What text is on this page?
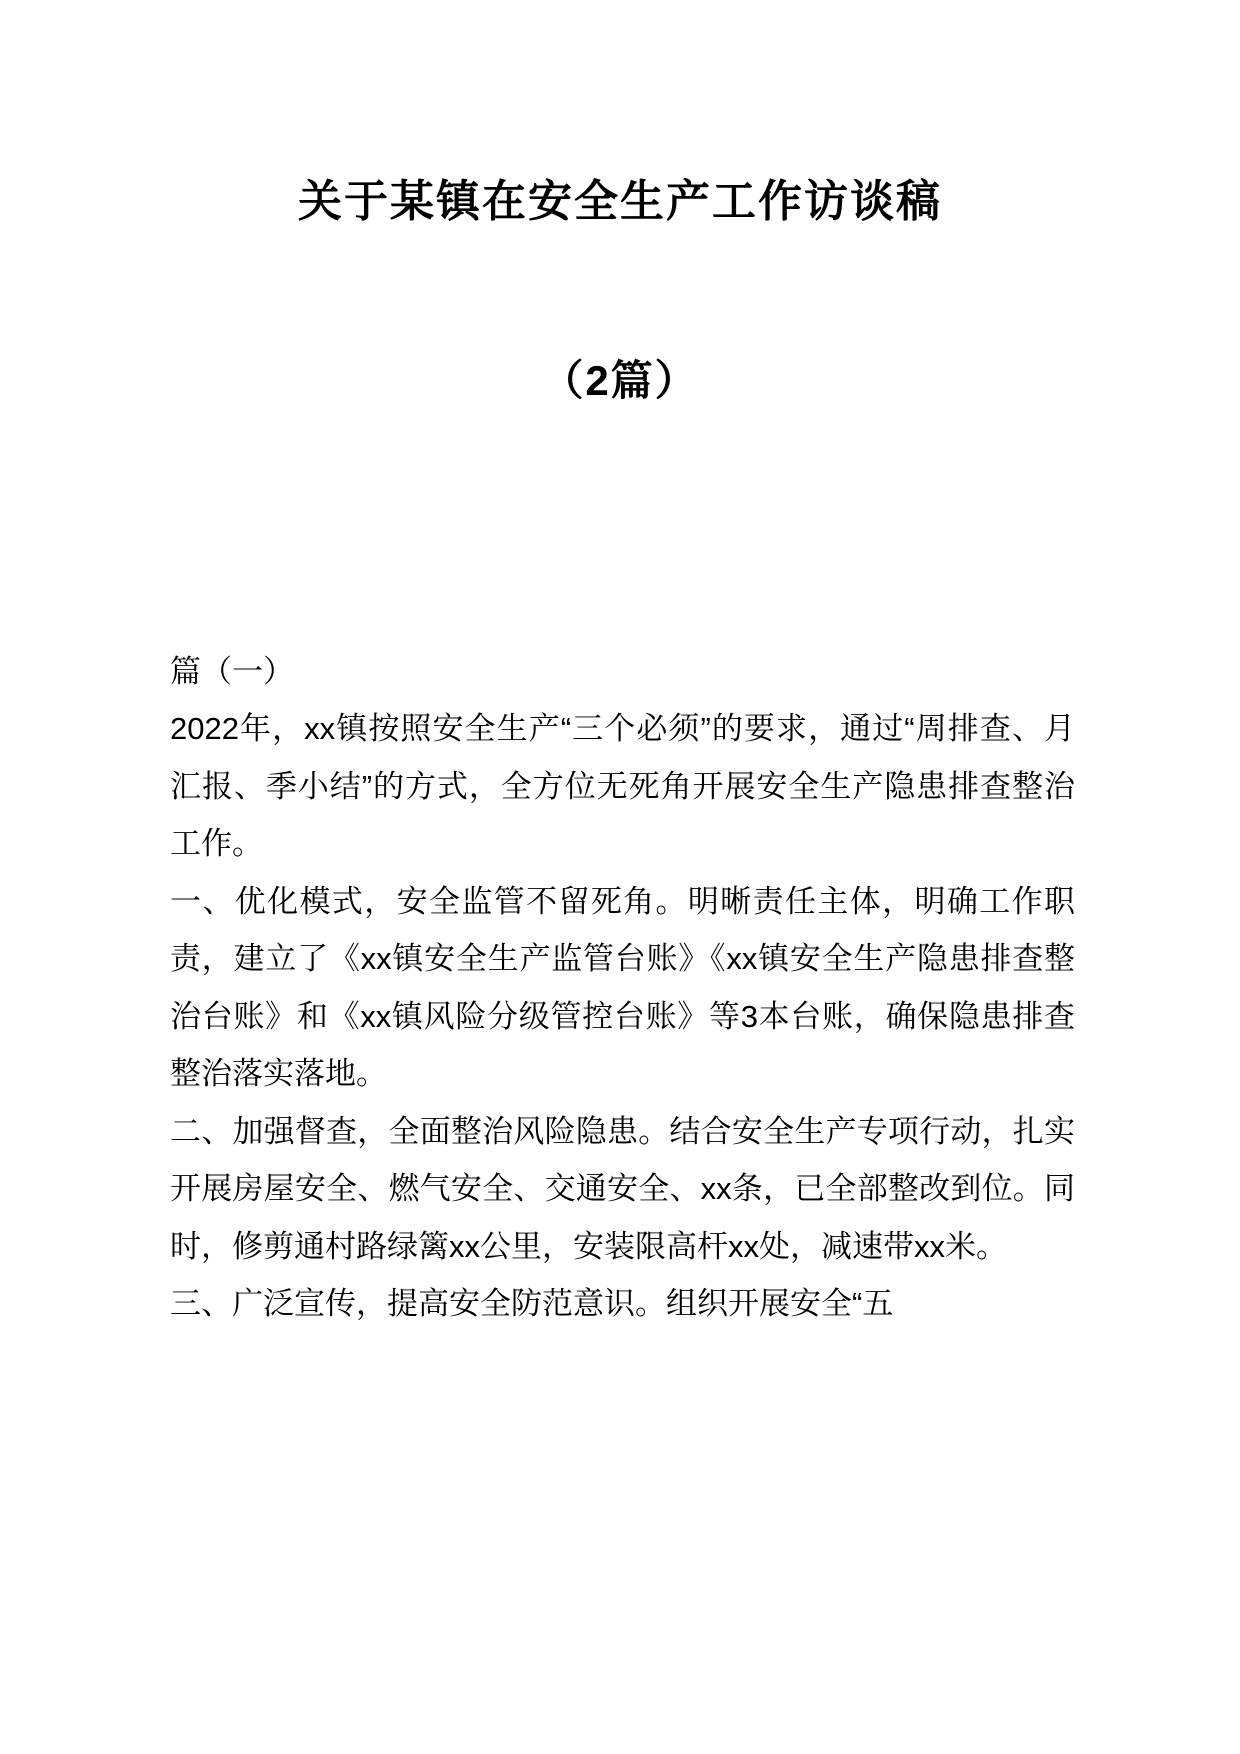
关于某镇在安全生产工作访谈稿
（2篇）

篇（一）

2022年，xx镇按照安全生产“三个必须”的要求，通过“周排查、月汇报、季小结”的方式，全方位无死角开展安全生产隐患排查整治工作。

一、优化模式，安全监管不留死角。明晰责任主体，明确工作职责，建立了《xx镇安全生产监管台账》《xx镇安全生产隐患排查整治台账》和《xx镇风险分级管控台账》等3本台账，确保隐患排查整治落实落地。

二、加强督查，全面整治风险隐患。结合安全生产专项行动，扎实开展房屋安全、燃气安全、交通安全、xx条，已全部整改到位。同时，修剪通村路绿篱xx公里，安装限高杆xx处，减速带xx米。

三、广泛宣传，提高安全防范意识。组织开展安全“五
